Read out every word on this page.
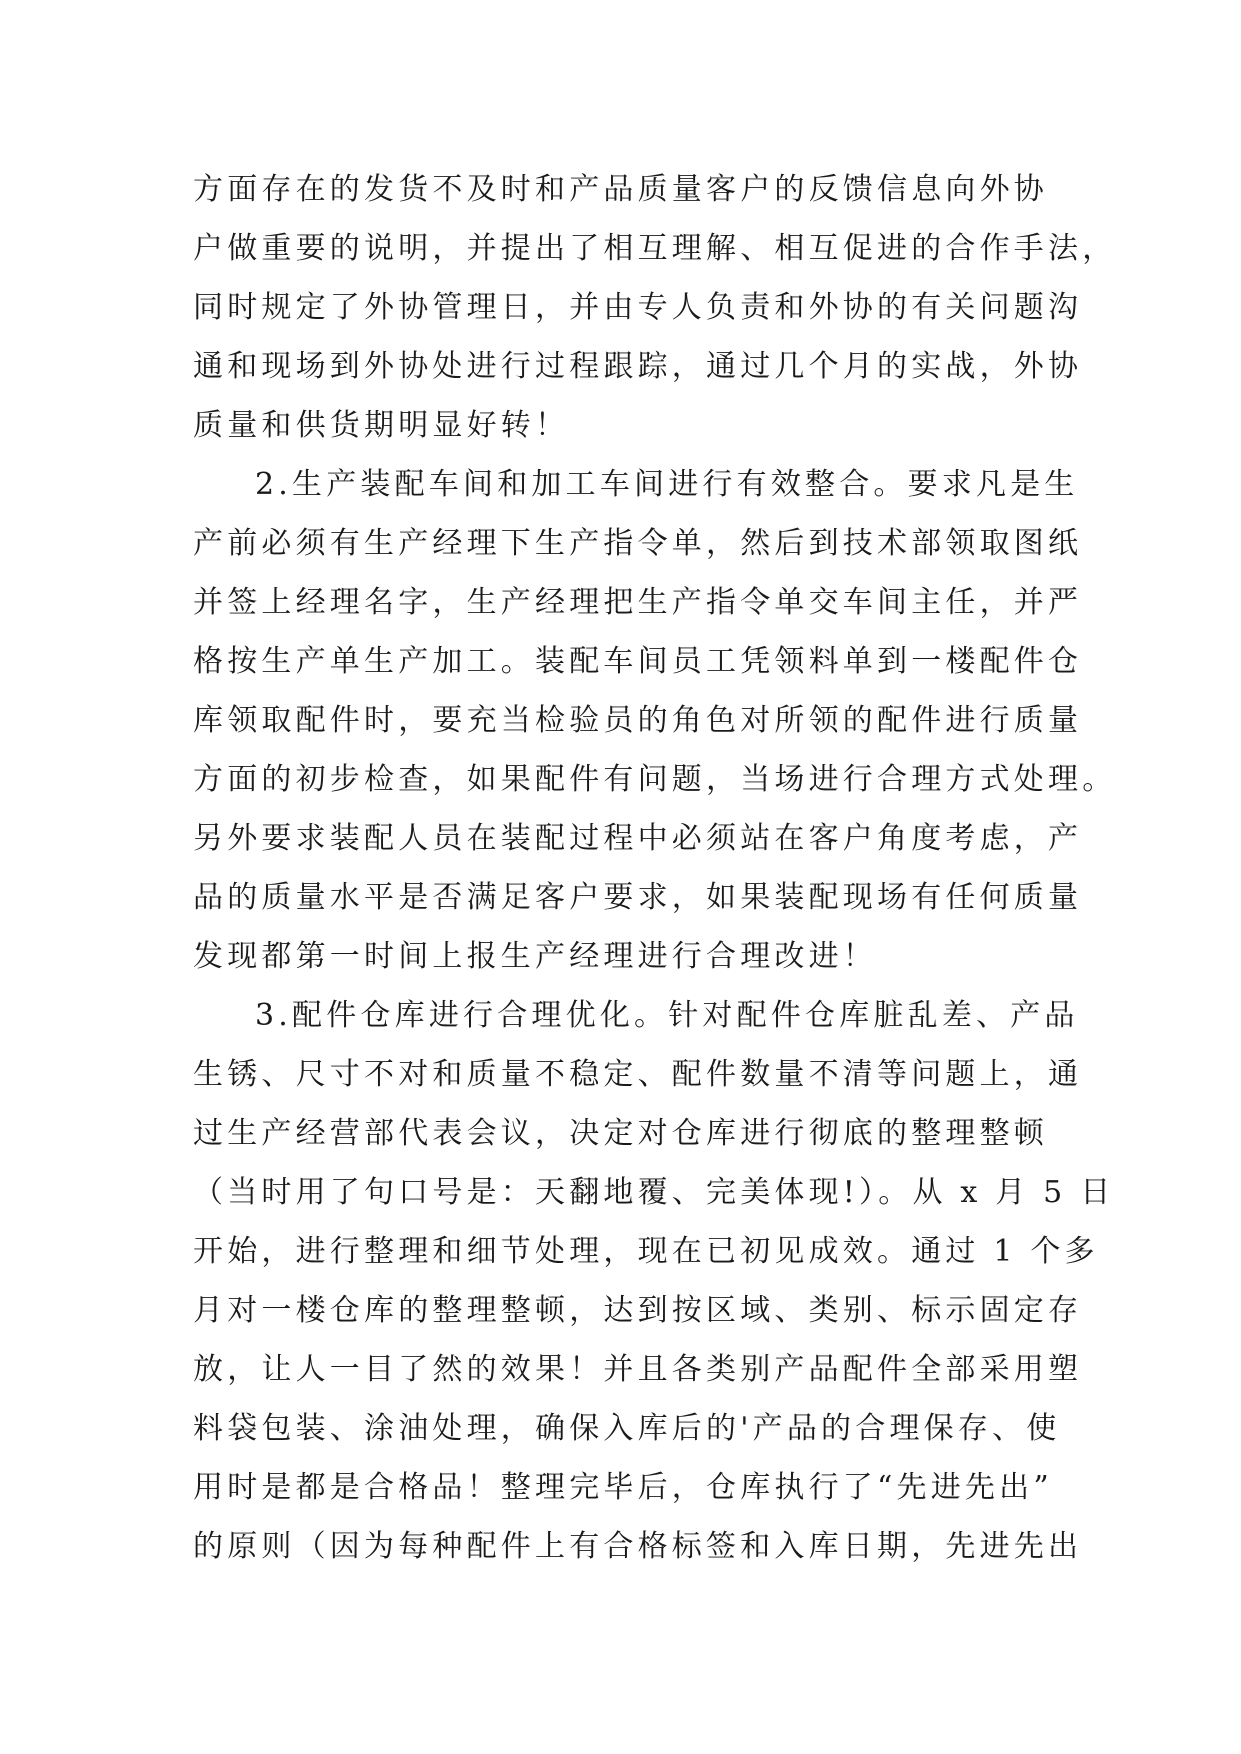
方面存在的发货不及时和产品质量客户的反馈信息向外协
户做重要的说明，并提出了相互理解、相互促进的合作手法，
同时规定了外协管理日，并由专人负责和外协的有关问题沟
通和现场到外协处进行过程跟踪，通过几个月的实战，外协
质量和供货期明显好转！
2.生产装配车间和加工车间进行有效整合。要求凡是生
产前必须有生产经理下生产指令单，然后到技术部领取图纸
并签上经理名字，生产经理把生产指令单交车间主任，并严
格按生产单生产加工。装配车间员工凭领料单到一楼配件仓
库领取配件时，要充当检验员的角色对所领的配件进行质量
方面的初步检查，如果配件有问题，当场进行合理方式处理。
另外要求装配人员在装配过程中必须站在客户角度考虑，产
品的质量水平是否满足客户要求，如果装配现场有任何质量
发现都第一时间上报生产经理进行合理改进！
3.配件仓库进行合理优化。针对配件仓库脏乱差、产品
生锈、尺寸不对和质量不稳定、配件数量不清等问题上，通
过生产经营部代表会议，决定对仓库进行彻底的整理整顿
（当时用了句口号是：天翻地覆、完美体现!）。从 x 月 5 日
开始，进行整理和细节处理，现在已初见成效。通过 1 个多
月对一楼仓库的整理整顿，达到按区域、类别、标示固定存
放，让人一目了然的效果！并且各类别产品配件全部采用塑
料袋包装、涂油处理，确保入库后的'产品的合理保存、使
用时是都是合格品！整理完毕后，仓库执行了“先进先出”
的原则（因为每种配件上有合格标签和入库日期，先进先出
